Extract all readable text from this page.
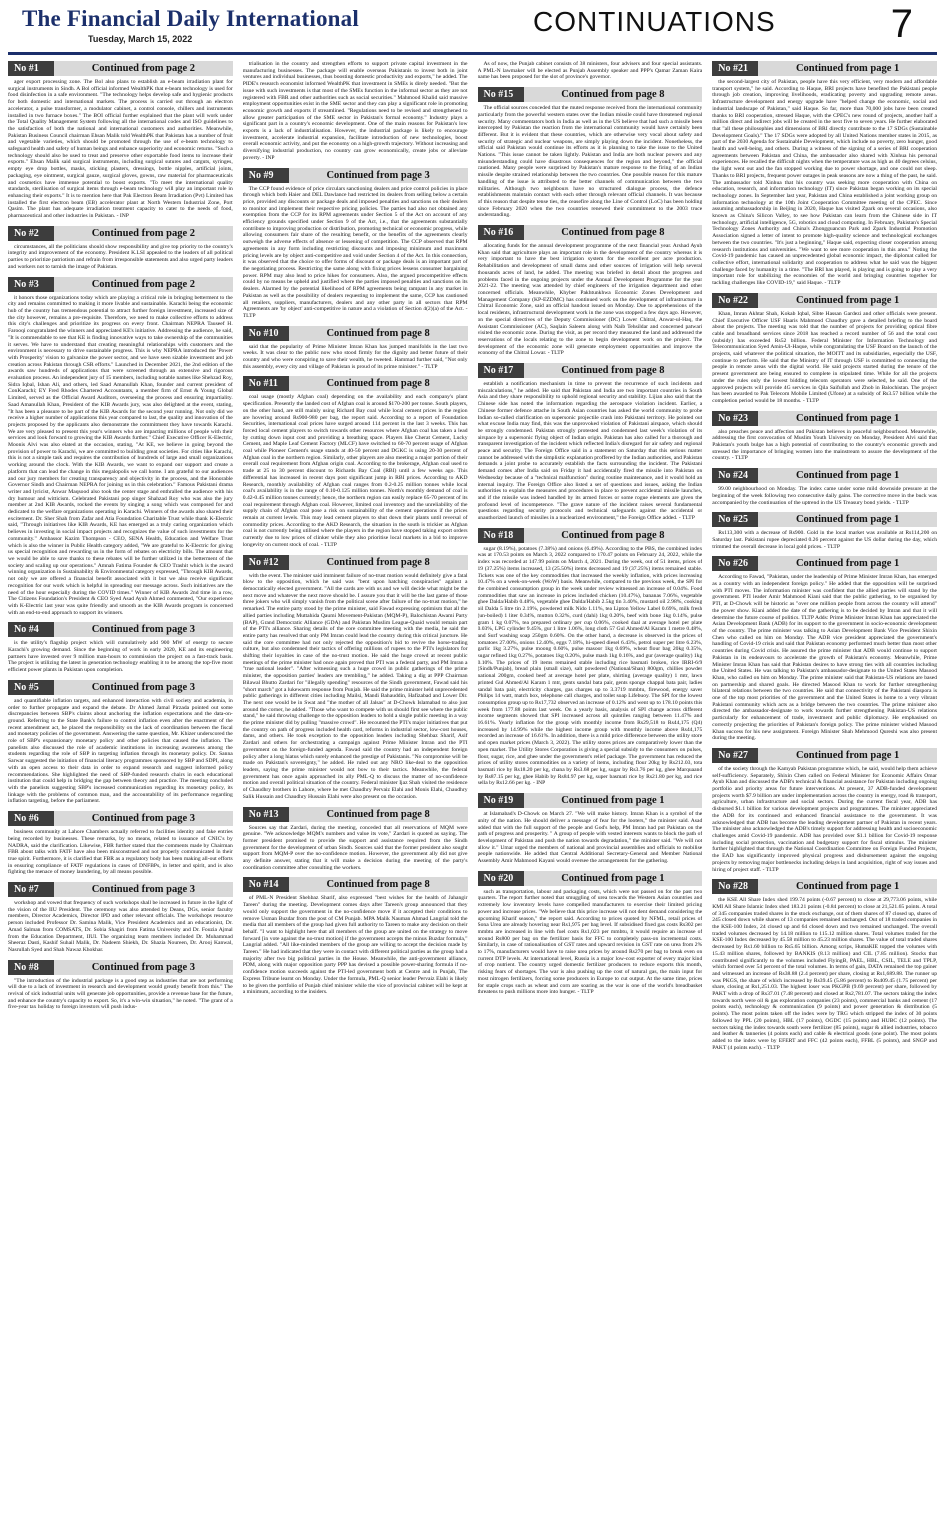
The Financial Daily International
Tuesday, March 15, 2022
CONTINUATIONS	7
No #1	Continued from page 2

ager export processing zone. The Bol also plans to establish an e-beam irradiation plant for surgical instruments in Sindh. A Bol official informed WealthPK that e-beam technology is used for food disinfection in a safe environment. "The technology helps develop safe and hygienic products for both domestic and international markets. The process is carried out through an electron accelerator, a pulse transformer, a modulator cabinet, a control console, chillers and instruments installed in two furnace boxes." The BOI official further explained that the plant will work under the Total Quality Management System following all the international codes and ISO guidelines to the satisfaction of both the national and international customers and authorities. Meanwhile, Pakistan Business Council chairman Ehsan Malik told WealthPK that Pakistan has a number of fruit and vegetable varieties, which should be promoted through the use of e-beam technology to safeguard health and safety of human beings and enhance superiority and economic returns. "Such a technology should also be used to treat and preserve other exportable food items to increase their exports." Ehsan Malik said surgical instruments, including surgical sutures and catguts, syringes, empty eye drop bottles, masks, sticking plasters, dressings, bottle nipples, artificial joints, packaging, eye ointment, surgical gauze, surgical gloves, gowns, raw material for pharmaceuticals and cosmetics have immense potential to boost exports. "To meet the international quality standards, sterilisation of surgical items through e-beam technology will play an important role in enhancing their exports." It is to mention here that Pak Electron Beam Irradiation (Pvt) Limited has installed the first electron beam (EB) accelerator plant at North Western Industrial Zone, Port Qasim. The plant has adequate irradiation treatment capacity to cater to the needs of food, pharmaceutical and other industries in Pakistan. - INP

No #2	Continued from page 2

circumstances, all the politicians should show responsibility and give top priority to the country's integrity and improvement of the economy. President K.LSI appealed to the leaders of all political parties to prioritize patriotism and refrain from irresponsible statements and also urged party leaders and workers not to tarnish the image of Pakistan.

No #3	Continued from page 2

it honors those organizations today which are playing a critical role in bringing betterment to the city and remains committed to making it more livable and sustainable. Karachi being the economic hub of the country has tremendous potential to attract further foreign investment, increased size of the city however, remains a pre-requisite. Therefore, we need to make collective efforts to address this city's challenges and prioritize its progress on every front. Chairman NEPRA Tauseef H. Farooqi congratulated the winners and appreciated KE's initiative. Addressing the audience, he said, "It is commendable to see that KE is finding innovative ways to take ownership of the communities it serves. We have to understand that creating meaningful relationships with customers and the environment is necessary to drive sustainable progress. This is why NEPRA introduced the 'Power with Prosperity' vision to galvanize the power sector, and we have seen sizable investment and job creation across Pakistan through CSR efforts." Launched in December 2021, the 2nd edition of the awards saw hundreds of applications that were screened through an extensive and rigorous evaluation process. An independent jury of 15 members, including notable names like Shehzad Roy, Sidra Iqbal, Ishan Ali, and others, led Saad Amanullah Khan, founder and current president of ConKarachi; EY Fred Rhodes Chartered Accountants, a member firm of Ernst & Young Global Limited, served as the Official Award Auditors, overseeing the process and ensuring impartiality. Saad Amanullah Khan, President of the KIB Awards jury, was also delighted at the event, stating, "It has been a pleasure to be part of the KIB Awards for the second year running. Not only did we receive a higher number of applications this year compared to last, the quality and innovation of the projects proposed by the applicants also demonstrate the commitment they have towards Karachi. We are very pleased to present this year's winners who are impacting millions of people with their services and look forward to growing the KIB Awards further." Chief Executive Officer K-Electric, Moonis Alvi was also elated at the occasion, stating, "At KE, we believe in going beyond the provision of power to Karachi, we are committed to building great societies. For cities like Karachi, this is not a simple task and requires the contribution of hundreds of large and small organizations working around the clock. With the KIB Awards, we want to expand our support and create a platform that can lead the change in this megalopolis we call home. I am grateful to our audiences and our jury members for creating transparency and objectivity in the process, and the Honorable Governor Sindh and Chairman NEPRA for joining us in this celebration." Famous Pakistani drama writer and lyricist, Anwar Maqsood also took the center stage and enthralled the audience with his dry humour and witticism. Celebrated Pakistani pop singer Shahzad Roy who was also the jury member at 2nd KIB Awards, rocked the events by singing a song which was composed for and dedicated to the welfare organizations operating in Karachi. Winners of the awards also shared their excitement. Dr. Sher Shah from Zafar and Atia Foundation Charitable Trust while thank K-Electric said, "Through initiatives like KIB Awards, KE has emerged as a truly caring organization which believes in investing in social impact projects and recognizes the value of such investments for the community." Ambassor Kazim Thompson - CEO, SENA Health, Education and Welfare Trust which is also the winner in Public Health category added, "We are grateful to K-Electric for giving us special recognition and rewarding us in the form of rebates on electricity bills. The amount that we would be able to save thanks to these rebates will be further utilized in the betterment of the society and scaling up our operations." Amnah Fatima Founder & CEO Trashit which is the award winning organization in Sustainability & Environmental category expressed, "Through KIB Awards, not only we are offered a financial benefit associated with it but we also receive significant recognition for our work which is helpful in spreading our message across. Such initiatives are the need of the hour especially during the COVID times." Winner of KIB Awards 2nd time in a row, The Citizens Foundation's President & CEO Syed Asad Ayub Ahmed commented, "Our experience with K-Electric last year was quite friendly and smooth as the KIB Awards program is concerned with an end-to-end approach to support its winners.

No #4	Continued from page 3

is the utility's flagship project which will cumulatively add 900 MW of energy to secure Karachi's growing demand. Since the beginning of work in early 2020, KE and its engineering partners have invested over 9 million man-hours to commission the project on a fast-track basis. The project is utilizing the latest in generation technology enabling it to be among the top-five most efficient power plants in Pakistan upon completion.

No #5	Continued from page 3

and quantifiable inflation targets, and enhanced interaction with civil society and academia, in order to further propagate and expand the debate. Dr Ahmed Jamal Pirzada pointed out some discrepancies between SBP's claims about anchoring the inflation expectations and the data-on-ground. Referring to the State Bank's failure to control inflation even after the enactment of the recent amendment act, he placed the responsibility on the lack of coordination between the fiscal and monetary policies of the government. Answering the same question, Mr. Khizer underscored the role of SBP's expansionary monetary policy and other policies that caused the inflation. The panelists also discussed the role of academic institutions in increasing awareness among the students regarding the role of SBP in targeting inflation through its monetary policy. Dr. Sanna Sarwar suggested the initiation of financial literacy programmes sponsored by SBP and SDPI, along with an open access to their data in order to expand research and suggest informed policy recommendations. She highlighted the need of SBP-funded research chairs in each educational institution that could help in bridging the gap between theory and practice. The meeting concluded with the panelists suggesting SBP's increased communication regarding its monetary policy, its linkage with the problems of common man, and the accountability of its performance regarding inflation targeting, before the parliament.

No #6	Continued from page 3

business community at Lahore Chambers actually referred to facilities identity and fake entries being recorded by businesses. These remarks, by no means, related to issuance of CNIC's by NADRA, said the clarification. Likewise, FBR further stated that the comments made by Chairman FBR about talks with FATF have also been misconstrued and not properly communicated in their true spirit. Furthermore, it is clarified that FBR as a regulatory body has been making all-out efforts in ensuring compliance of FATF regulations in cases of DNFBPs, in letter and spirit, and is also fighting the menace of money laundering, by all means possible.

No #7	Continued from page 3

workshop and vowed that frequency of such workshops shall be increased in future in the light of the vision of the IIU President. The ceremony was also attended by Deans, DGs, senior faculty members, Director Academics, Director IPD and other relevant officials. The workshops resource person included Professor Dr. Samina Malik, Vice President Academics and an educationist, Dr. Amad Salman from COMSATS, Dr. Sobia Shagiri from Fatima University and Dr. Fouzia Ajmal from the Education Department, IIUI. The organizing team members included Dr. Muhammad Sheeraz Dasti, Kashif Suhail Malik, Dr. Nadeem Shiekh, Dr. Shazia Noureen, Dr. Arooj Kanwal, Nasrullah Syed and Shah Nawaz Khokhar.

No #8	Continued from page 3

"The introduction of the industrial package is a good step as industries that are not performing will due to a lack of investment in research and development would greatly benefit from this." The revival of sick industrial units will generate job opportunities, provide a revenue base for the future, and enhance the country's capacity to export. So, it's a win-win situation," he noted. "The grant of a five-year tax holiday to foreign investors will push indus-

trialisation in the country and strengthen efforts to support private capital investment in the manufacturing businesses. The package will enable overseas Pakistanis to invest both in joint ventures and individual businesses, thus boosting domestic productivity and exports," he added. The PIDE's research economist informed WealthPK that investment in SMEs is direly needed. "But the issue with such investments is that most of the SMEs function in the informal sector as they are not registered with FBR and other authorities such as social securities." Mahmood Khalid said massive employment opportunities exist in the SME sector and they can play a significant role in promoting economic growth and exports if streamlined. "Regulations need to be revised and strengthened to allow greater participation of the SME sector in Pakistan's formal economy." Industry plays a significant part in a country's economic development. One of the main reasons for Pakistan's low exports is a lack of industrialisation. However, the industrial package is likely to encourage investment, accelerate industrial expansion, facilitate introduction of new technologies, boost overall economic activity, and put the economy on a high-growth trajectory. Without increasing and diversifying industrial production, no country can grow economically, create jobs or alleviate poverty. - INP

No #9	Continued from page 3

The CCP found evidence of price circulars sanctioning dealers and price control policies in place through which both Haier and DEL Dawlance had restricted its dealers from selling below a certain price, provided any discounts or package deals and imposed penalties and sanctions on their dealers to monitor and implement their respective pricing policies. The parties had also not obtained any exemption from the CCP for its RPM agreements under Section 5 of the Act on account of any efficiency grounds specified under Section 9 of the Act, i.e., that the agreements substantially contribute to improving production or distribution, promoting technical or economic progress, while allowing consumers fair share of the resulting benefit, or the benefits of the agreements clearly outweigh the adverse effects of absence or lessening of competition. The CCP observed that RPM agreements in any form including restricting discounts and imposing minimum and maximum pricing levels are by object anti-competitive and void under Section 4 of the Act. In this connection, it was observed that the choice to offer forms of discount or package deals is an important part of the negotiating process. Restricting the same along with fixing prices lessens consumer bargaining power. RPM may also lead to price hikes for consumers. Also, the argued procompetitive effects could by no means be upheld and justified where the parties imposed penalties and sanctions on its dealers. Alarmed by the potential likelihood of RPM agreements being rampant in any market in Pakistan as well as the possibility of dealers requesting to implement the same, CCP has cautioned all retailers, suppliers, manufacturers, dealers and any other party in all sectors that RPM Agreements are 'by object' anti-competitive in nature and a violation of Section 4(2)(a) of the Act. - TLTP

No #10	Continued from page 8

said that the popularity of Prime Minister Imran Khan has jumped manifolds in the last two weeks. It was clear to the public now who stood firmly for the dignity and better future of their country and who were conspiring to save their wealth, he tweeted. Hammad further said, "Not only this assembly, every city and village of Pakistan is proud of its prime minister." - TLTP

No #11	Continued from page 8

coal usage (mostly Afghan coal) depending on the availability and each company's plant specification. Presently the landed cost of Afghan coal is around $170-200 per tonne. South players, on the other hand, are still mainly using Richard Bay coal while local cement prices in the region are hovering around Rs900-980 per bag, the report said. According to a report of Foundation Securities, international coal prices have surged around 114 percent in the last 3 weeks. This has forced local cement players to switch towards other resources where Afghan coal has taken a lead by cutting down input cost and providing a breathing space. Players like Cherat Cement, Lucky Cement, and Maple Leaf Cement Factory (MLCF) have switched to 60-70 percent usage of Afghan coal while Pioneer Cement's usage stands at 40-50 percent and DGKC is using 20-30 percent of Afghan coal in the northern region. Similarly, other players are also meeting a major portion of their overall coal requirement from Afghan origin coal. According to the brokerage, Afghan coal used to trade at 25 to 30 percent discount to Richards Bay Coal (RBI) until a few weeks ago. This differential has increased in recent days post significant jump in RBI prices. According to AKD Research, monthly availability of Afghan coal ranges from 0.2-0.25 million tonnes while local coal's availability is in the range of 0.10-0.125 million tonnes. North's monthly demand of coal is 0.42-0.45 million tonnes currently; hence, the northern region can easily replace 65-70 percent of its coal requirement through Afghan coal. However, limited coal inventory and the unreliability of the supply chain of Afghan coal pose a risk on sustainability of the cement operations if the prices remain at current levels. This may lead cement players to shut down their plants until reversal of commodity prices. According to the AKD Research, the situation in the south is trickier as Afghan coal is not currently being utilised where the players in the region have stopped taking export orders currently due to low prices of clinker while they also prioritise local markets in a bid to improve longevity on current stock of coal. - TLTP

No #12	Continued from page 8

with the event. The minister said imminent failure of no-trust motion would definitely give a fatal blow to the opposition, which he said was "bent upon hatching conspiracies" against a democratically elected government. "All the cards are with us and we will decide what might be the next move and whatever the next move should be. I assure you that it will be the last game of those three jokers who will simply vanish from the political scene after failure of the no-trust motion," he remarked. The entire party stood by the prime minister, said Fawad expressing optimism that all the allied parties including Muttahida Qaumi Movement-Pakistan (MQM-P), Balochistan Awami Party (BAP), Grand Democratic Alliance (GDA) and Pakistan Muslim League-Quaid would remain part of the PTI's alliance. Sharing details of the core committee meeting with the media, he said the entire party has resolved that only PM Imran could lead the country during this critical juncture. He said the core committee had not only rejected the opposition's bid to revive the horse-trading culture, but also condemned their tactics of offering millions of rupees to the PTI's legislators for shifting their loyalties in case of the no-trust motion. He said the huge crowd at recent public meetings of the prime minister had once again proved that PTI was a federal party, and PM Imran a "true national leader". "After witnessing such a huge crowd in public gatherings of the prime minister, the opposition parties' leaders are trembling," he added. Taking a dig at PPP Chairman Bilawal Bhutto Zardari for "illegally spending" resources of the Sindh government, Fawad said his "short march" got a lukewarm response from Punjab. He said the prime minister held unprecedented public gatherings in different cities including Mailsi, Mandi Bahauddin, Hafizabad and Lower Dir. The next one would be in Swat and "the mother of all Jalsas" at D-Chowk Islamabad to also just around the corner, he added. "Those who want to compete with us should first see where the public stand," he said throwing challenge to the opposition leaders to hold a single public meeting in a way the prime minister did by pulling "massive crowd". He recounted the PTI's major initiatives that put the country on path of progress included health card, reforms in industrial sector, low-cost houses, dams, and others. He took exception to the opposition leaders including Shehbaz Sharif, Asif Zardari and others for orchestrating a campaign against Prime Minister Imran and the PTI government on the foreign-funded agenda. Fawad said the country had an independent foreign policy after a long hiatus which surely enhanced the prestige of Pakistanis. "No compromise will be made on Pakistan's sovereignty," he added. He ruled out any NRO like-deal to the opposition leaders, saying the prime minister would not bow to their tactics. Meanwhile, the federal government has once again approached its ally PML-Q to discuss the matter of no-confidence motion and overall political situation of the country. Federal minister Ijaz Shah visited the residence of Chaudhry brothers in Lahore, where he met Chaudhry Pervaiz Elahi and Monis Elahi, Chaudhry Salik Hussain and Chaudhry Hussain Elahi were also present on the occasion.

No #13	Continued from page 8

Sources say that Zardari, during the meeting, conceded that all reservations of MQM were genuine. "We acknowledge MQM's numbers and value its vote," Zardari is quoted as saying. The former president promised to provide the support and assistance required from the Sindh government for the development of urban Sindh. Sources said that the former president also sought support from MQM-P over the no-confidence motion. However, the government ally did not give any definite answer, stating that it will make a decision during the meeting of the party's coordination committee after consulting the workers.

No #14	Continued from page 8

of PML-N President Shehbaz Sharif, also expressed "best wishes for the health of Jahangir Tareen" during the meeting. Development comes days after Tareen's group announced that they would only support the government in the no-confidence move if it accepted their conditions to remove Usman Buzdar from the post of CM Punjab. MPA Malik Nauman Ahmad Langrial told the media that all members of the group had given full authority to Tareen to make any decision on their behalf. "I want to highlight here that all members of the group are united on the strategy to move forward [in vote against the no-trust motion] if the government accepts the minus Buzdar formula," Langrial added. "All like-minded members of the group are willing to accept the decision made by Tareen." He had indicated that they were in contact with different political parties as the group had a majority after two big political parties in the House. Meanwhile, the anti-government alliance, PDM, along with major opposition party PPP has devised a possible power-sharing formula if no-confidence motion succeeds against the PTI-led government both at Centre and in Punjab, The Express Tribune learnt on Monday. Under the formula, PML-Q senior leader Pervaiz Elahi is likely to be given the portfolio of Punjab chief minister while the vice of provincial cabinet will be kept at a minimum, according to the insiders.

As of now, the Punjab cabinet consists of 38 ministers, four advisers and four special assistants. A PML-N lawmaker will be elected as Punjab Assembly speaker and PPP's Qamar Zaman Kaira name has been proposed for the slot of province's governor.

No #15	Continued from page 8

The official sources conceded that the muted response received from the international community particularly from the powerful western states over the Indian missile could have threatened regional security. Many commentators both in India as well as in the US believe that had such a missile been intercepted by Pakistan the reaction from the international community would have certainly been different. But it is evident that these countries, which are otherwise very vocal about safety and security of strategic and nuclear weapons, are simply playing down the incident. Nonetheless, the official said Pakistan would continue its efforts as it is planning to take the issue to the United Nations. "This issue cannot be taken lightly. Pakistan and India are both nuclear powers and any misunderstanding could have disastrous consequences for the region and beyond," the official cautioned. Many people were surprised by Pakistan's mature response to the firing of an Indian missile despite strained relationship between the two countries. One possible reason for this mature handling of the issue is attributed to the better channels of communication between the two militaries. Although two neighbours have no structured dialogue process, the defence establishments maintain contact with each other through relevant official channels. It was because of this reason that despite tense ties, the ceasefire along the Line of Control (LoC) has been holding since February 2020 when the two countries renewed their commitment to the 2003 truce understanding.

No #16	Continued from page 8

allocating funds for the annual development programme of the next financial year. Arshad Ayub Khan said that agriculture plays an important role in the development of the country whereas it is very important to have the best irrigation system for the excellent per acre production. Rehabilitation and development of small dams and other sources of irrigation will help several thousands acres of land, he added. The meeting was briefed in detail about the progress and problems faced in the ongoing projects under the Annual Development Programme for the year 2021-22. The meeting was attended by chief engineers of the irrigation department and other concerned officials. Meanwhile, Khyber Pakhtunkhwa Economic Zones Development and Management Company (KP-EZDMC) has continued work on the development of infrastructure in Chitral Economic Zone, said an official handout issued on Monday. Due to apprehensions of the local residents, infrastructural development work in the zone was stopped a few days ago. However, on the special directives of the Deputy Commissioner (DC) Lower Chitral, Anwar-ul-Haq, the Assistant Commissioner (AC), Saqlain Saleem along with Naib Tehsildar and concerned patwari visited the economic zone. During the visit, as per record they measured the land and addressed the reservations of the locals relating to the zone to begin development work on the project. The development of the economic zone will generate employment opportunities and improve the economy of the Chitral Lowar. - TLTP

No #17	Continued from page 8

establish a notification mechanism in time to prevent the recurrence of such incidents and miscalculations," he added. He said that Pakistan and India are two important countries in South Asia and they share responsibility to uphold regional security and stability. Lijian also said that the Chinese side has noted the information regarding the aerospace violation incident. Earlier, a Chinese former defence attache in South Asian countries has asked the world community to probe Indian so-called clarification on supersonic projectile crash into Pakistani territory. He pointed out what excuse India may find, this was the unprovoked violation of Pakistani airspace, which should be strongly condemned. Pakistan strongly protested and condemned last week's violation of its airspace by a supersonic flying object of Indian origin. Pakistan has also called for a thorough and transparent investigation of the incident which reflected India's disregard for air safety and regional peace and security. The Foreign Office said in a statement on Saturday that this serious matter cannot be addressed with the simplistic explanation proffered by the Indian authorities, and Pakistan demands a joint probe to accurately establish the facts surrounding the incident. The Pakistani demand comes after India said on Friday it had accidentally fired the missile into Pakistan on Wednesday because of a "technical malfunction" during routine maintenance, and it would hold an internal inquiry. The Foreign Office also listed a set of questions and issues, asking the Indian authorities to explain the measures and procedures in place to prevent accidental missile launches, and if the missile was indeed handled by its armed forces or some rogue elements are given the profound level of incompetence. "The grave nature of the incident raises several fundamental questions regarding security protocols and technical safeguards against the accidental or unauthorized launch of missiles in a nuclearized environment," the Foreign Office added. - TLTP

No #18	Continued from page 8

sugar (8.19%), potatoes (7.38%) and onions (6.49%). According to the PBS, the combined index was at 170.53 points on March 3, 2022 compared to 170.47 points on February 24, 2022, while the index was recorded at 147.99 points on March 4, 2021. During the week, out of 51 items, prices of 19 (37.25%) items increased, 13 (25.50%) items decreased and 19 (37.25%) items remained stable. Tickets was one of the key commodities that increased the weekly inflation, with prices increasing 10.47% on a week-on-week (WoW) basis. Meanwhile, compared to the previous week, the SPI for the combined consumption group in the week under review witnessed an increase of 0.04%. Food commodities that saw an increase in prices included chicken (10.47%), bananas 7.06%, vegetable ghee Dalda/Habib 0.48%, vegetable ghee Dalda/Habib 2.5kg tin 3.40%, mustard oil 2.98%, cooking oil Dalda 5 litre tin 2.19%, powdered milk Nido 1.11%, tea Lipton Yellow Label 0.69%, milk fresh (un-boiled) 1 liter 0.34%, mutton 0.32%, curd (dahi) 1kg 0.20%, beef with bone 1kg 0.14%, pulse gram 1 kg 0.07%, tea prepared ordinary per cup 0.06%, cooked daal at average hotel per plate 0.03%, LPG cylinder 9.45%, gur 1 litre 1.06%, long cloth 57 Gul Ahmed/Al Karam 1 metre 0.48%, and Surf washing soap 250gm 0.60%. On the other hand, a decrease is observed in the prices of tomatoes 27.00%, onions 12.40%, eggs 7.18%, hi-speed diesel 6.43%, petrol super per litre 6.23%, garlic 1kg 3.27%, pulse moong 0.60%, pulse masoor 1kg 0.69%, wheat flour bag 20kg 0.35%, sugar refined 1kg 0.27%, potatoes 1kg 0.20%, pulse mash 1kg 0.16%, and gur (average quality) 1kg 0.10%. The prices of 19 items remained stable including rice basmati broken, rice IRRI-6/9 (Sindh/Punjab), bread plain (small size), salt powdered (National/Shan) 800gm, chillies powder national 200gm, cooked beef at average hotel per plate, shirting (average quality) 1 mtr, lawn printed Gul Ahmed/Al Karam 1 mtr, gents sandal bata pair, gents sponge chappal bata pair, ladies sandal bata pair, electricity charges, gas charges up to 3.3719 mmbtu, firewood, energy saver Philips 14 watt, match box, telephone call charges, and toilet soap Lifebuoy. The SPI for the lowest consumption group up to Rs17,732 observed an increase of 0.12% and went up to 178.10 points this week from 177.88 points last week. On a yearly basis, analysis of SPI change across different income segments showed that SPI increased across all quintiles ranging between 11.47% and 16.61%. Yearly inflation for the group with monthly income from Rs29,518 to Rs44,175 (Q4) increased by 14.99% while the highest income group with monthly income above Rs44,175 recorded an increase of 16.61%. In addition, there is a mild price difference between the utility store and open market prices (March 3, 2022). The utility stores prices are comparatively lower than the open market. The Utility Stores Corporation is giving a special subsidy to the consumers on pulses, flour, sugar, rice, and ghee under the government's relief package. The government has reduced the prices of utility stores commodities on a variety of items, including flour 20kg by Rs212.03, tota basmati rice by Rs18.20 per kg, chana by Rs3.68 per kg, sugar by Rs3.76 per kg, ghee Marquaand by Rs87.15 per kg, ghee Habib by Rs84.97 per kg, super basmati rice by Rs21.80 per kg, and rice sella by Rs12.66 per kg. - INP

No #19	Continued from page 1

at Islamabad's D-Chowk on March 27. "We will make history. Imran Khan is a symbol of the unity of the nation. He should deliver a message of fear for the looters," the minister said. Asad added that with the full support of the people and God's help, PM Imran had put Pakistan on the path of progress and prosperity. " A group of people with vested interests wants to block the path of development of Pakistan and push the nation towards degradation," the minister said. "We will not allow it." Umar urged the members of national and provincial assemblies and officials to mobilise people nationwide. He added that Central Additional Secretary-General and Member National Assembly Amir Mahmood Kayani would oversee the arrangements for the gathering.

No #20	Continued from page 1

such as transportation, labour and packaging costs, which were not passed on for the past two quarters. The report further noted that smuggling of urea towards the Western Asian countries and extremely low inventory levels have compelled manufacturers to exercise their limited pricing power and increase prices. "We believe that this price increase will not dent demand considering the upcoming Kharif season," the report said. According to prices quoted by NFML, retail prices of Sona Urea are already hovering near Rs1,975 per bag level. If subsidised fixed gas costs Rs302 per mmbtu are increased in line with fuel costs Rs1,023 per mmbtu, it would require an increase of around Rs800 per bag on the fertilizer basis for FFC to completely pass-on incremental costs. Similarly, in case of rationalisation of GST rates and upward revision in GST rate on urea from 2% to 17%, manufacturers would have to raise urea prices by around Rs270 per bag to break even on current DTP levels. At international level, Russia is a major low-cost exporter of every major kind of crop nutrient. The country urged domestic fertilizer producers to reduce exports this month, risking fears of shortages. The war is also pushing up the cost of natural gas, the main input for most nitrogen fertilizers, forcing some producers in Europe to cut output. At the same time, prices for staple crops such as wheat and corn are soaring as the war is one of the world's breadbasket threatens to push millions more into hunger. - TLTP

No #21	Continued from page 1

the second-largest city of Pakistan, people have this very efficient, very modern and affordable transport system," he said. According to Haque, BRI projects have benefited the Pakistani people through job creation, improving livelihoods, eradicating poverty and upgrading remote areas. Infrastructure development and energy upgrade have "helped change the economic, social and industrial landscape of Pakistan," said Haque. So far, more than 70,000 jobs have been created thanks to BRI cooperation, stressed Haque, with the CPEC's new round of projects, another half a million direct and indirect jobs will be created in the next five to seven years. He further elaborated that "all these philosophies and dimensions of BRI directly contribute to the 17 SDGs (Sustainable Development Goals)." The 17 SDGs were adopted by all United Nations member states in 2015, as part of the 2030 Agenda for Sustainable Development, which include no poverty, zero hunger, good health and well-being, and others. During a witness of the signing of a series of BRI cooperation agreements between Pakistan and China, the ambassador also shared with Xinhua his personal experiences. He recalled the difficult nights when the temperature was as high as 40 degrees celsius, the light went out and the fan stopped working due to power shortage, and one could not sleep. Thanks to BRI projects, frequent power outages in peak seasons are now a thing of the past, he said. The ambassador told Xinhua that his country was seeking more cooperation with China on education, research, and information technology (IT) since Pakistan began working on its special technology zones. In September last year, Pakistan and China established a joint working group on information technology at the 10th Joint Cooperation Committee meeting of the CPEC. Since assuming ambassadorship in Beijing in 2020, Haque has visited Zpark on several occasions, also known as China's Silicon Valley, to see how Pakistan can learn from the Chinese side in IT technology, artificial intelligence, 5G, robotics and cloud computing. In February, Pakistan's Special Technology Zones Authority and China's Zhongguancun Park and Zpark Industrial Promotion Association signed a letter of intent to promote high-quality science and technological exchanges between the two countries. "It's just a beginning," Haque said, expecting closer cooperation among research institutions and universities. "We want to see more cooperation in this area." Noting the Covid-19 pandemic has caused an unprecedented global economic impact, the diplomat called for collective effort, international solidarity and cooperation to address what he said was the biggest challenge faced by humanity in a time. "The BRI has played, is playing and is going to play a very important role for stabilizing the economies of the world and bringing countries together for tackling challenges like COVID-19," said Haque. - TLTP

No #22	Continued from page 1

Khan, Imran Akhtar Shah, Kokab Iqbal, Sibte Hassan Gardezi and other officials were present. Chief Executive Officer USF Haaris Mahmood Chaudhry gave a detailed briefing to the board about the projects. The meeting was told that the number of projects for providing optical fibre cable and broadband services since 2018 has reached a record number of 56 and the total cost (subsidy) has exceeded Rs52 billion. Federal Minister for Information Technology and Telecommunication Syed Amin-Ul-Haque, while congratulating the USF Board on the launch of the projects, said whatever the political situation, the MOITT and its subsidiaries, especially the USF, continue to perform. He said that the Ministry of IT through USF is committed to connecting the people in remote areas with the digital world. He said projects started during the tenure of the present government are being ensured to complete in stipulated time. While for all the projects under the rules only the lowest bidding telecom operators were selected, he said. One of the approved projects will provide 4G services in Qila Saifullah and Zhob in Balochistan. The project has been awarded to Pak Telecom Mobile Limited (Ufone) at a subsidy of Rs3.57 billion while the completion period would be 18 months. - TLTP

No #23	Continued from page 1

also preaches peace and affection and Pakistan believes in peaceful neighbourhood. Meanwhile, addressing the first convocation of Muslim Youth University on Monday, President Alvi said that Pakistan's youth bulge has a high potential of contributing to the country's economic growth and stressed the importance of bringing women into the mainstream to assure the development of the country. - TLTP

No #24	Continued from page 1

99.00 neighbourhood on Monday. The index came under some mild downside pressure at the beginning of the week following two consecutive daily gains. The corrective move in the buck was accompanied by the continuation of the uptrend in the US Treasury bond yields. - TLTP

No #25	Continued from page 1

Rs113,300 with a decrease of Rs900. Gold in the local market was available at Rs114,200 on Saturday last. Pakistani rupee depreciated 0.26 percent against the US dollar during the day, which trimmed the overall decrease in local gold prices. - TLTP

No #26	Continued from page 1

According to Fawad, "Pakistan, under the leadership of Prime Minister Imran Khan, has emerged as a country with an independent foreign policy." He added that the opposition will be surprised with PTI moves. The information minister was confident that the allied parties will stand by the government. PTI leader Amir Mahmood Kiani said that the public gathering, to be organised by PTI, at D-Chowk will be historic as "over one million people from across the country will attend" the power show. Kiani added the date of the gathering is to be decided by Imran and that it will determine the future course of politics. TLTP Adds: Prime Minister Imran Khan has appreciated the Asian Development Bank (ADB) for its support to the government in socio-economic development of the country. The prime minister was talking to Asian Development Bank Vice President Shixin Chen who called on him on Monday. The ADB vice president appreciated the government's handling of Covid-19 crisis and said that Pakistan economy performed much better than most other countries during Covid crisis. He assured the prime minister that ADB would continue to support Pakistan in its endeavours to accelerate the growth of Pakistan's economy. Meanwhile, Prime Minister Imran Khan has said that Pakistan desires to have strong ties with all countries including the United States. He was talking to Pakistan's ambassador-designate to the United States Masood Khan, who called on him on Monday. The prime minister said that Pakistan-US relations are based on partnership and shared goals. He directed Masood Khan to work for further strengthening bilateral relations between the two countries. He said that connectivity of the Pakistani diaspora is one of the top most priorities of the government and the United States is home to a very vibrant Pakistani community which acts as a bridge between the two countries. The prime minister also directed the ambassador-designate to work towards further strengthening Pakistan-US relations particularly for enhancement of trade, investment and public diplomacy. He emphasised on correctly projecting the priorities of Pakistan's foreign policy. The prime minister wished Masood Khan success for his new assignment. Foreign Minister Shah Mehmood Qureshi was also present during the meeting.

No #27	Continued from page 1

of the society through the Kamyab Pakistan programme which, he said, would help them achieve self-sufficiency. Separately, Shixin Chen called on Federal Minister for Economic Affairs Omar Ayub Khan and discussed the ADB's technical & financial assistance for Pakistan including ongoing portfolio and priority areas for future interventions. At present, 37 ADB-funded development projects worth $7.9 billion are under implementation across the country in energy, road & transport, agriculture, urban infrastructure and social sectors. During the current fiscal year, ADB has disbursed $1.1 billion for various development projects and programmes. The minister appreciated the ADB for its continued and enhanced financial assistance to the government. It was acknowledged that ADB has become the leading development partner of Pakistan in recent years. The minister also acknowledged the ADB's timely support for addressing health and socioeconomic challenges amid Covid-19 pandemic. ADB has provided over $1.1 billion for Covid-19 response including social protection, vaccination and budgetary support for fiscal stimulus. The minister further highlighted that through the National Coordination Committee on Foreign Funded Projects, the EAD has significantly improved physical progress and disbursement against the ongoing projects by removing major bottlenecks including delays in land acquisition, right of way issues and hiring of project staff. - TLTP

No #28	Continued from page 1

the KSE All Share Index shed 199.74 points (-0.67 percent) to close at 29,773.06 points, while KMI All Share Islamic Index shed 183.21 points (-0.84 percent) to close at 21,521.65 points. A total of 345 companies traded shares in the stock exchange, out of them shares of 87 closed up, shares of 245 closed down while shares of 13 companies remained unchanged. Out of 18 traded companies in the KSE-100 Index, 24 closed up and 64 closed down and two remained unchanged. The overall traded volumes decreased by 14.18 million to 115.12 million shares. Total volumes traded for the KSE-100 Index decreased by 45.58 million to 45.23 million shares. The value of total traded shares decreased by Rs1.60 billion to Rs5.65 billion. Among scrips, HumaKIE topped the volumes with 15.43 million shares, followed by BANKIS (8.13 million) and CIL (7.85 million). Stocks that contributed significantly to the volumes included FlyingB, PAEL, HBL, CSIL, TELE and TPLP, which formed over 54 percent of the total volumes. In terms of gain, DATA remained the top gainer and witnessed an increase of Rs38.88 (2.4 percent) per share, closing at Rs1,689.88. The runner up was PKGS, the share of which increased by Rs39.45 (5.86 percent) to Rs409.45 (1.75 percent) per share, closing at Rs1,251.03. The highest loser was PKGPB (9.69 percent) per share, followed by PAKT with a drop of Rs37.01 (7.48 percent) and closed at Rs2,781.07. The sectors taking the index towards north were oil & gas exploration companies (23 points), commercial banks and cement (17 points each), technology & communication (9 points) and power generation & distribution (5 points). The most points taken off the index were by TRG which stripped the index of 30 points followed by PPL (20 points), HBL (17 points), OGDC (15 points) and HUBC (12 points). The sectors taking the index towards south were fertilizer (85 points), sugar & allied industries, tobacco and leather & tanneries (4 points each) and cable & electrical goods (one point). The most points added to the index were by EFERT and FFC (42 points each), FFBL (5 points), and SNGP and PAKT (4 points each). - TLTP
